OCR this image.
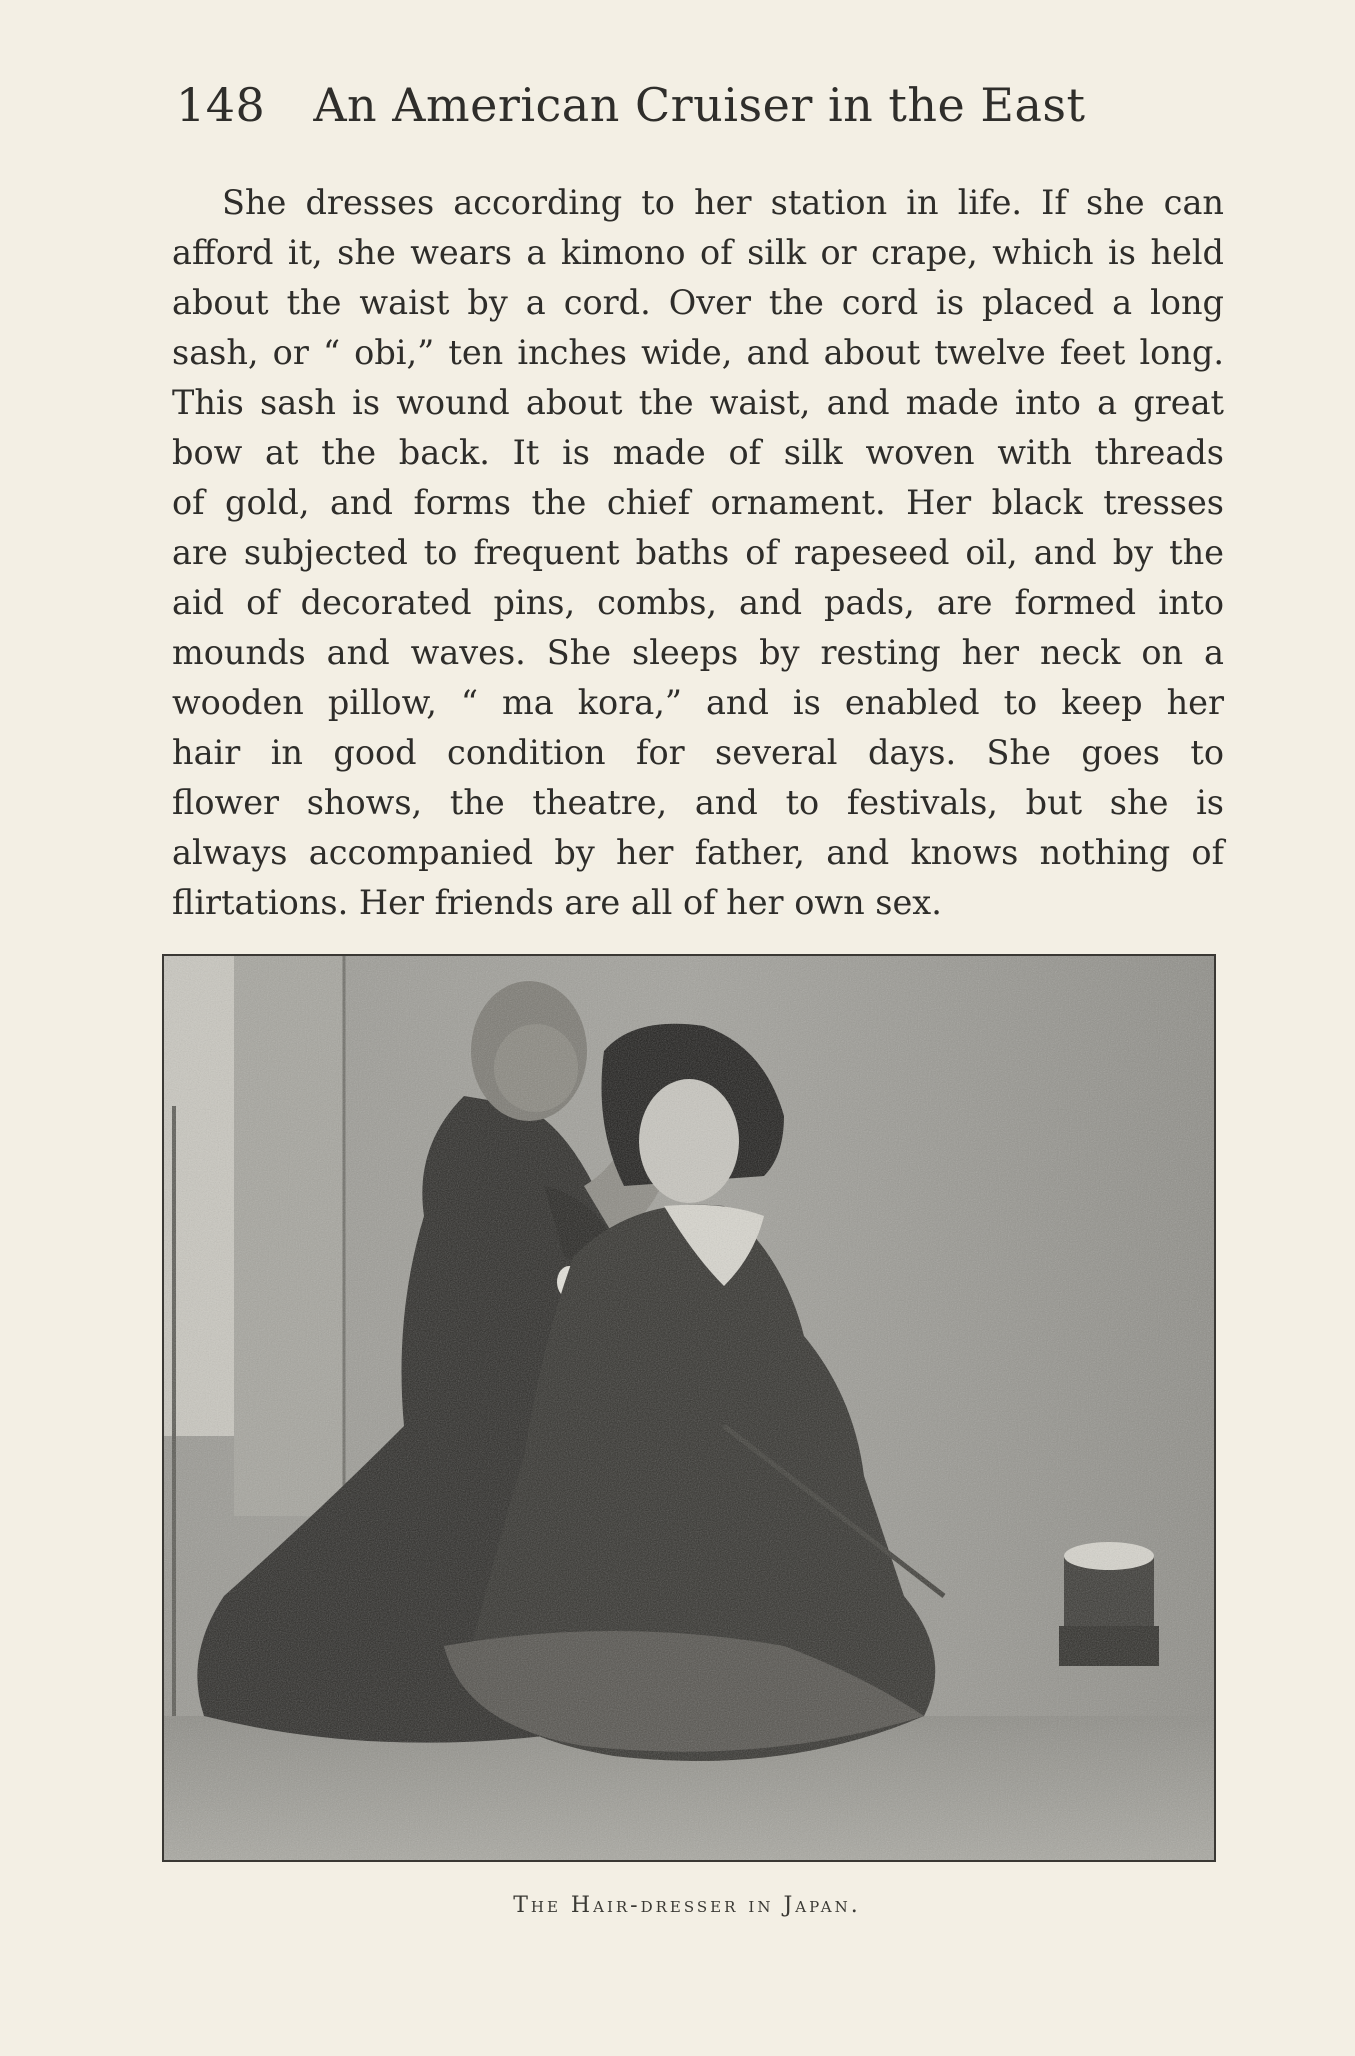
148 An American Cruiser in the East
She dresses according to her station in life. If she can
afford it, she wears a kimono of silk or crape, which is held
about the waist by a cord. Over the cord is placed a long
sash, or “ obi,” ten inches wide, and about twelve feet long.
This sash is wound about the waist, and made into a great
bow at the back. It is made of silk woven with threads
of gold, and forms the chief ornament. Her black tresses
are subjected to frequent baths of rapeseed oil, and by the
aid of decorated pins, combs, and pads, are formed into
mounds and waves. She sleeps by resting her neck on a
wooden pillow, “ ma kora,” and is enabled to keep her
hair in good condition for several days. She goes to
flower shows, the theatre, and to festivals, but she is
always accompanied by her father, and knows nothing of
flirtations. Her friends are all of her own sex.
The Hair-dresser in Japan.
